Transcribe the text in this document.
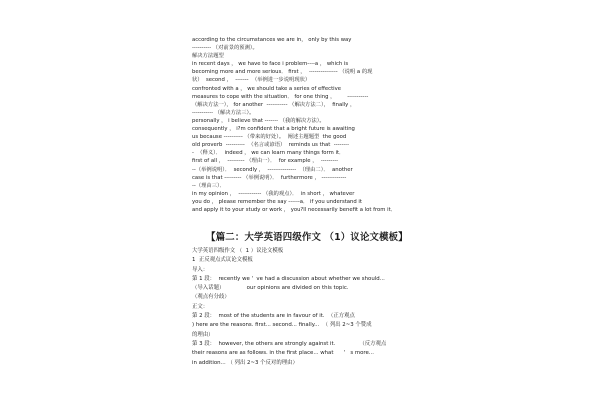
according to the circumstances we are in， only by this way
---------- （对前景的预测）。
解决方法题型
in recent days ， we have to face i problem----a ， which is
becoming more and more serious． first ，  --------------- （说明 a 的现
状）  second ，  -------  （举例进一步说明现状）
confronted with a ， we should take a series of effective
measures to cope with the situation． for one thing ，       -----------
（解决方法一）， for another  ----------- （解决方法二），  finally ，
----------- （解决方法三）。
personally ， i believe that ------- （我的解决方法）。
consequently ， i?m confident that a bright future is awaiting
us because ---------- （带来的好处）。  阐述主题题型  the good
old proverb  ----------  （名言或谚语）  reminds us that  --------
-  （释义）．  indeed ， we can learn many things form it．
first of all ，  --------- （理由一）．  for example ，  ---------
--（举例说明）．  secondly ，  ---------------  （理由二）．  another
case is that --------- （举例说明）．  furthermore ， -------------
--（理由三）．
in my opinion ，  ------------ （我的观点）．  in short ， whatever
you do ， please remember the say ------a． if you understand it
and apply it to your study or work ， you?ll necessarily benefit a lot from it．
【篇二：大学英语四级作文 （1）议论文模板】
大学英语四级作文 （  1 ）议论文模板
1  正反观点式议论文模板
导入：
第 1 段：  recently we '  ve had a discussion about whether we should...
（导入话题）             our opinions are divided on this topic.
（观点有分歧）
正文：
第 2 段：  most of the students are in favour of it.  （正方观点
) here are the reasons. first... second... finally...  （ 列出 2~3 个赞成
的理由）
第 3 段：  however, the others are strongly against it.              （反方观点
their reasons are as follows. in the first place... what      '   s more...
in addition... （ 列出 2~3 个反对的理由）
